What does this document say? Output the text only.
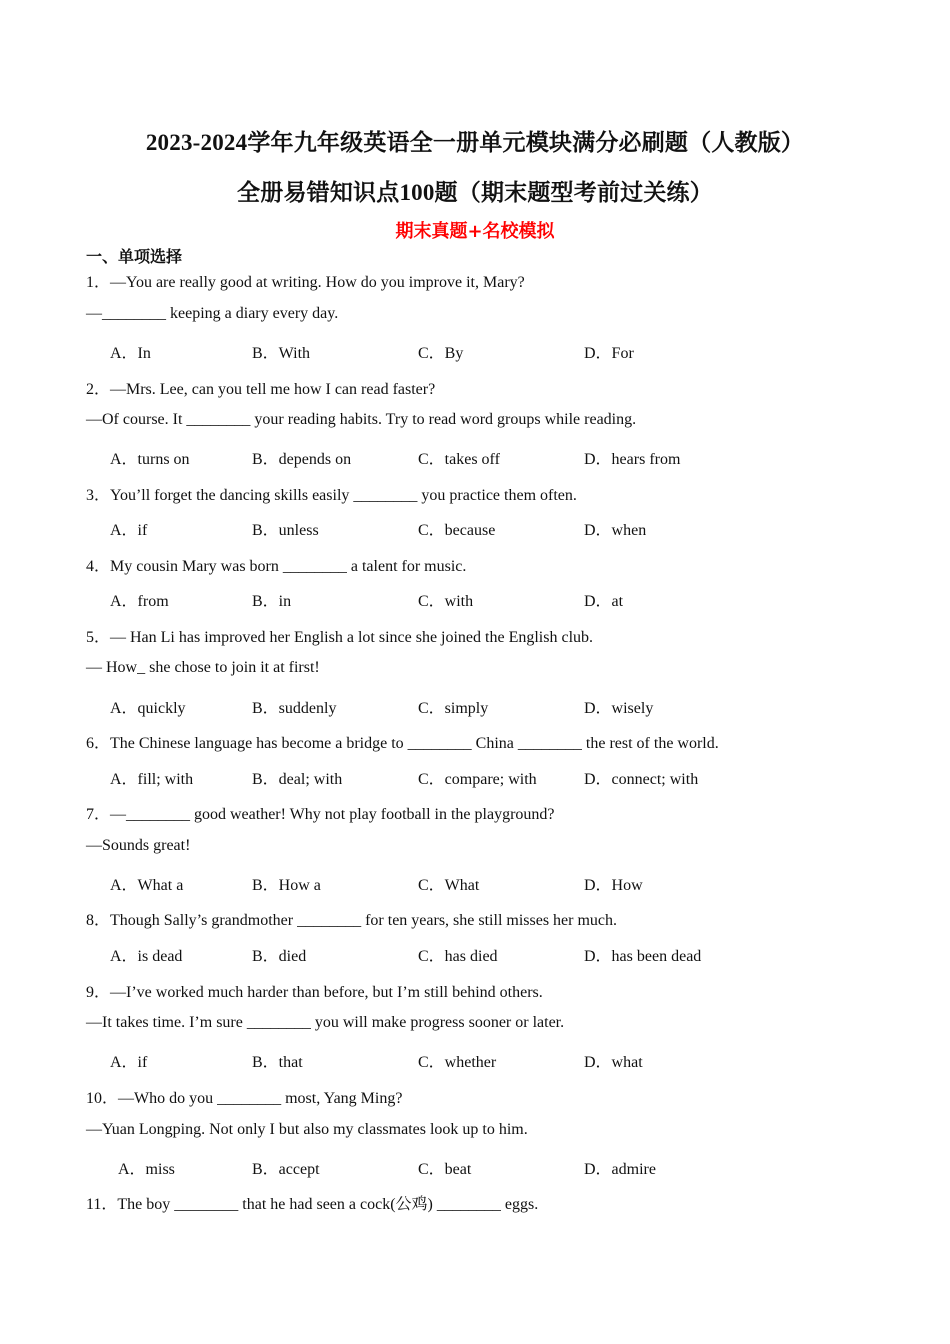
2023-2024学年九年级英语全一册单元模块满分必刷题（人教版）
全册易错知识点100题（期末题型考前过关练）
期末真题+名校模拟
一、单项选择
1．—You are really good at writing. How do you improve it, Mary?
—________ keeping a diary every day.
A．In	B．With	C．By	D．For
2．—Mrs. Lee, can you tell me how I can read faster?
—Of course. It ________ your reading habits. Try to read word groups while reading.
A．turns on	B．depends on	C．takes off	D．hears from
3．You’ll forget the dancing skills easily ________ you practice them often.
A．if	B．unless	C．because	D．when
4．My cousin Mary was born ________ a talent for music.
A．from	B．in	C．with	D．at
5．— Han Li has improved her English a lot since she joined the English club.
— How_ she chose to join it at first!
A．quickly	B．suddenly	C．simply	D．wisely
6．The Chinese language has become a bridge to ________ China ________ the rest of the world.
A．fill; with	B．deal; with	C．compare; with	D．connect; with
7．—________ good weather! Why not play football in the playground?
—Sounds great!
A．What a	B．How a	C．What	D．How
8．Though Sally’s grandmother ________ for ten years, she still misses her much.
A．is dead	B．died	C．has died	D．has been dead
9．—I’ve worked much harder than before, but I’m still behind others.
—It takes time. I’m sure ________ you will make progress sooner or later.
A．if	B．that	C．whether	D．what
10．—Who do you ________ most, Yang Ming?
—Yuan Longping. Not only I but also my classmates look up to him.
A．miss	B．accept	C．beat	D．admire
11．The boy ________ that he had seen a cock(公鸡) ________ eggs.
